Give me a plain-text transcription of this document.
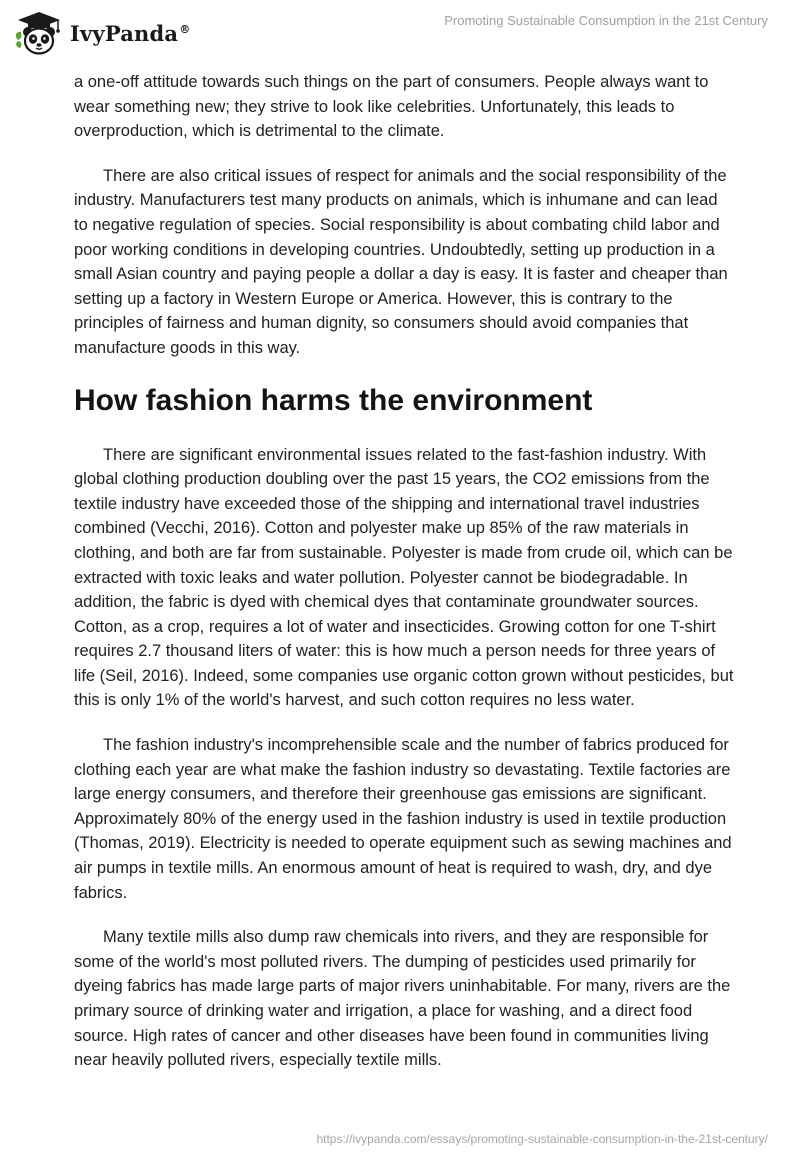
IvyPanda®
Promoting Sustainable Consumption in the 21st Century

a one-off attitude towards such things on the part of consumers. People always want to wear something new; they strive to look like celebrities. Unfortunately, this leads to overproduction, which is detrimental to the climate.

There are also critical issues of respect for animals and the social responsibility of the industry. Manufacturers test many products on animals, which is inhumane and can lead to negative regulation of species. Social responsibility is about combating child labor and poor working conditions in developing countries. Undoubtedly, setting up production in a small Asian country and paying people a dollar a day is easy. It is faster and cheaper than setting up a factory in Western Europe or America. However, this is contrary to the principles of fairness and human dignity, so consumers should avoid companies that manufacture goods in this way.

How fashion harms the environment

There are significant environmental issues related to the fast-fashion industry. With global clothing production doubling over the past 15 years, the CO2 emissions from the textile industry have exceeded those of the shipping and international travel industries combined (Vecchi, 2016). Cotton and polyester make up 85% of the raw materials in clothing, and both are far from sustainable. Polyester is made from crude oil, which can be extracted with toxic leaks and water pollution. Polyester cannot be biodegradable. In addition, the fabric is dyed with chemical dyes that contaminate groundwater sources. Cotton, as a crop, requires a lot of water and insecticides. Growing cotton for one T-shirt requires 2.7 thousand liters of water: this is how much a person needs for three years of life (Seil, 2016). Indeed, some companies use organic cotton grown without pesticides, but this is only 1% of the world's harvest, and such cotton requires no less water.

The fashion industry's incomprehensible scale and the number of fabrics produced for clothing each year are what make the fashion industry so devastating. Textile factories are large energy consumers, and therefore their greenhouse gas emissions are significant. Approximately 80% of the energy used in the fashion industry is used in textile production (Thomas, 2019). Electricity is needed to operate equipment such as sewing machines and air pumps in textile mills. An enormous amount of heat is required to wash, dry, and dye fabrics.

Many textile mills also dump raw chemicals into rivers, and they are responsible for some of the world's most polluted rivers. The dumping of pesticides used primarily for dyeing fabrics has made large parts of major rivers uninhabitable. For many, rivers are the primary source of drinking water and irrigation, a place for washing, and a direct food source. High rates of cancer and other diseases have been found in communities living near heavily polluted rivers, especially textile mills.

https://ivypanda.com/essays/promoting-sustainable-consumption-in-the-21st-century/
